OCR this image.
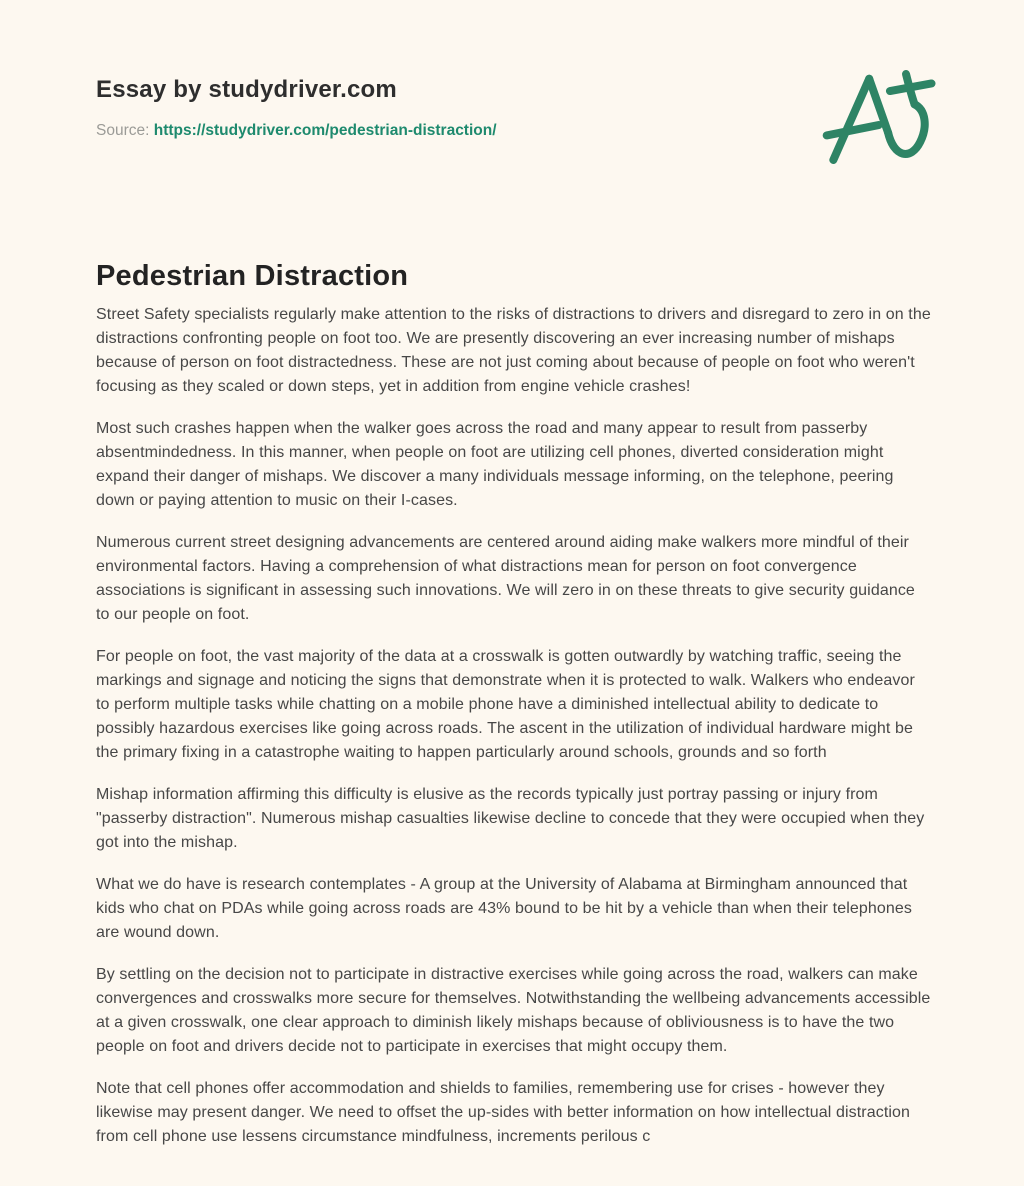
Essay by studydriver.com
Source: https://studydriver.com/pedestrian-distraction/
Pedestrian Distraction

Street Safety specialists regularly make attention to the risks of distractions to drivers and disregard to zero in on the distractions confronting people on foot too. We are presently discovering an ever increasing number of mishaps because of person on foot distractedness. These are not just coming about because of people on foot who weren't focusing as they scaled or down steps, yet in addition from engine vehicle crashes!

Most such crashes happen when the walker goes across the road and many appear to result from passerby absentmindedness. In this manner, when people on foot are utilizing cell phones, diverted consideration might expand their danger of mishaps. We discover a many individuals message informing, on the telephone, peering down or paying attention to music on their I-cases.

Numerous current street designing advancements are centered around aiding make walkers more mindful of their environmental factors. Having a comprehension of what distractions mean for person on foot convergence associations is significant in assessing such innovations. We will zero in on these threats to give security guidance to our people on foot.

For people on foot, the vast majority of the data at a crosswalk is gotten outwardly by watching traffic, seeing the markings and signage and noticing the signs that demonstrate when it is protected to walk. Walkers who endeavor to perform multiple tasks while chatting on a mobile phone have a diminished intellectual ability to dedicate to possibly hazardous exercises like going across roads. The ascent in the utilization of individual hardware might be the primary fixing in a catastrophe waiting to happen particularly around schools, grounds and so forth

Mishap information affirming this difficulty is elusive as the records typically just portray passing or injury from "passerby distraction". Numerous mishap casualties likewise decline to concede that they were occupied when they got into the mishap.

What we do have is research contemplates - A group at the University of Alabama at Birmingham announced that kids who chat on PDAs while going across roads are 43% bound to be hit by a vehicle than when their telephones are wound down.

By settling on the decision not to participate in distractive exercises while going across the road, walkers can make convergences and crosswalks more secure for themselves. Notwithstanding the wellbeing advancements accessible at a given crosswalk, one clear approach to diminish likely mishaps because of obliviousness is to have the two people on foot and drivers decide not to participate in exercises that might occupy them.

Note that cell phones offer accommodation and shields to families, remembering use for crises - however they likewise may present danger. We need to offset the up-sides with better information on how intellectual distraction from cell phone use lessens circumstance mindfulness, increments perilous c
